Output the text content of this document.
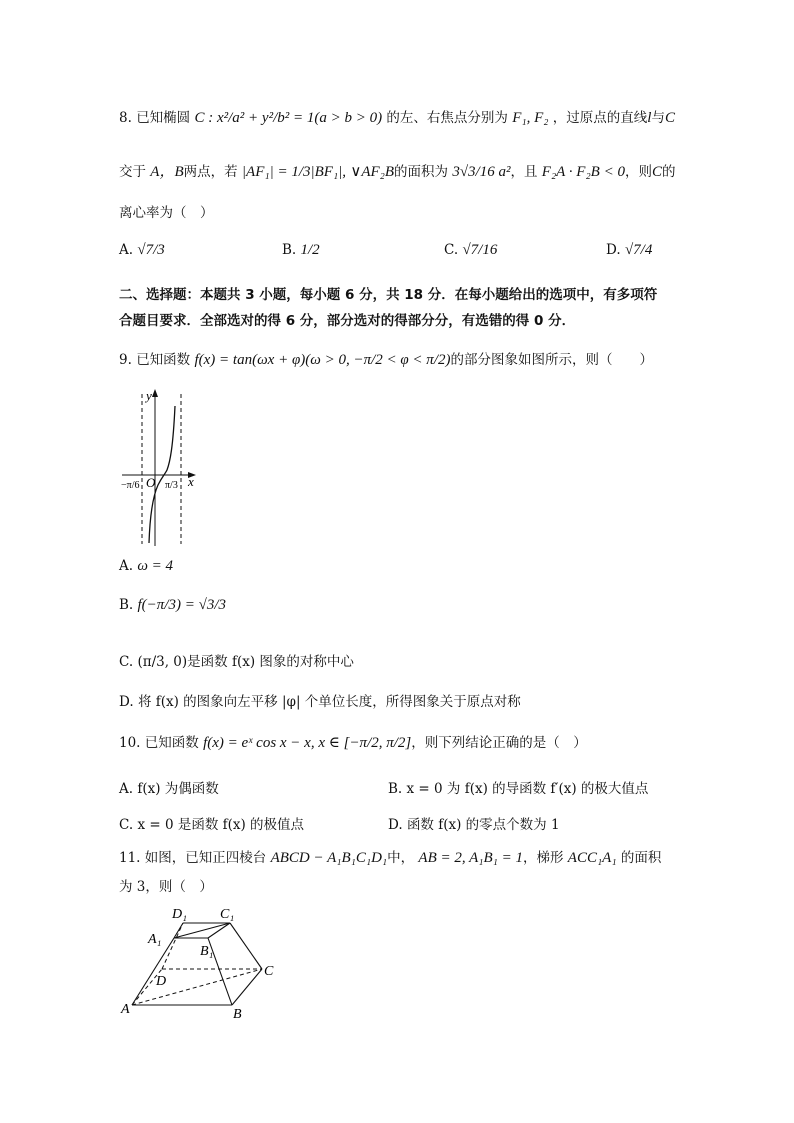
8. 已知椭圆 C : x²/a² + y²/b² = 1(a > b > 0) 的左、右焦点分别为 F₁, F₂ ，过原点的直线l与C
交于 A，B两点，若 |AF₁| = 1/3|BF₁|, ∨AF₂B的面积为 3√3/16 a²，且 F₂A · F₂B < 0，则C的
离心率为（　）
A. √7/3	B. 1/2	C. √7/16	D. √7/4
二、选择题：本题共 3 小题，每小题 6 分，共 18 分．在每小题给出的选项中，有多项符
合题目要求．全部选对的得 6 分，部分选对的得部分分，有选错的得 0 分．
9. 已知函数 f(x) = tan(ωx + φ)(ω > 0, −π/2 < φ < π/2)的部分图象如图所示，则（　　）
y
x
O
−π/6	π/3
A. ω = 4
B. f(−π/3) = √3/3
C. (π/3, 0)是函数 f(x) 图象的对称中心
D. 将 f(x) 的图象向左平移 |φ| 个单位长度，所得图象关于原点对称
10. 已知函数 f(x) = eˣ cos x − x, x ∈ [−π/2, π/2]，则下列结论正确的是（　）
A. f(x) 为偶函数	B. x = 0 为 f(x) 的导函数 f′(x) 的极大值点
C. x = 0 是函数 f(x) 的极值点	D. 函数 f(x) 的零点个数为 1
11. 如图，已知正四棱台 ABCD − A₁B₁C₁D₁中， AB = 2, A₁B₁ = 1，梯形 ACC₁A₁ 的面积
为 3，则（　）
A	B
C
D
A₁
B₁
C₁
D₁
